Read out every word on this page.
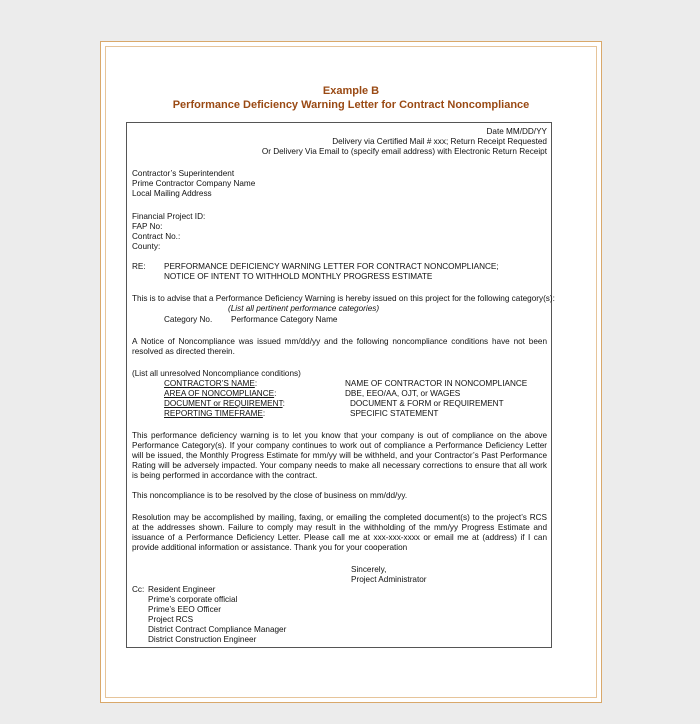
Example B
Performance Deficiency Warning Letter for Contract Noncompliance
Date MM/DD/YY
Delivery via Certified Mail # xxx; Return Receipt Requested
Or Delivery Via Email to (specify email address) with Electronic Return Receipt
Contractor’s Superintendent
Prime Contractor Company Name
Local Mailing Address
Financial Project ID:
FAP No:
Contract No.:
County:
RE: PERFORMANCE DEFICIENCY WARNING LETTER FOR CONTRACT NONCOMPLIANCE;
NOTICE OF INTENT TO WITHHOLD MONTHLY PROGRESS ESTIMATE
This is to advise that a Performance Deficiency Warning is hereby issued on this project for the following category(s):
(List all pertinent performance categories)
Category No. Performance Category Name
A Notice of Noncompliance was issued mm/dd/yy and the following noncompliance conditions have not been resolved as directed therein.
(List all unresolved Noncompliance conditions)
CONTRACTOR’S NAME:	NAME OF CONTRACTOR IN NONCOMPLIANCE
AREA OF NONCOMPLIANCE:	DBE, EEO/AA, OJT, or WAGES
DOCUMENT or REQUIREMENT:	DOCUMENT & FORM or REQUIREMENT
REPORTING TIMEFRAME:	SPECIFIC STATEMENT
This performance deficiency warning is to let you know that your company is out of compliance on the above Performance Category(s). If your company continues to work out of compliance a Performance Deficiency Letter will be issued, the Monthly Progress Estimate for mm/yy will be withheld, and your Contractor’s Past Performance Rating will be adversely impacted. Your company needs to make all necessary corrections to ensure that all work is being performed in accordance with the contract.
This noncompliance is to be resolved by the close of business on mm/dd/yy.
Resolution may be accomplished by mailing, faxing, or emailing the completed document(s) to the project’s RCS at the addresses shown. Failure to comply may result in the withholding of the mm/yy Progress Estimate and issuance of a Performance Deficiency Letter. Please call me at xxx-xxx-xxxx or email me at (address) if I can provide additional information or assistance. Thank you for your cooperation
Sincerely,
Project Administrator
Cc: Resident Engineer
Prime’s corporate official
Prime’s EEO Officer
Project RCS
District Contract Compliance Manager
District Construction Engineer
